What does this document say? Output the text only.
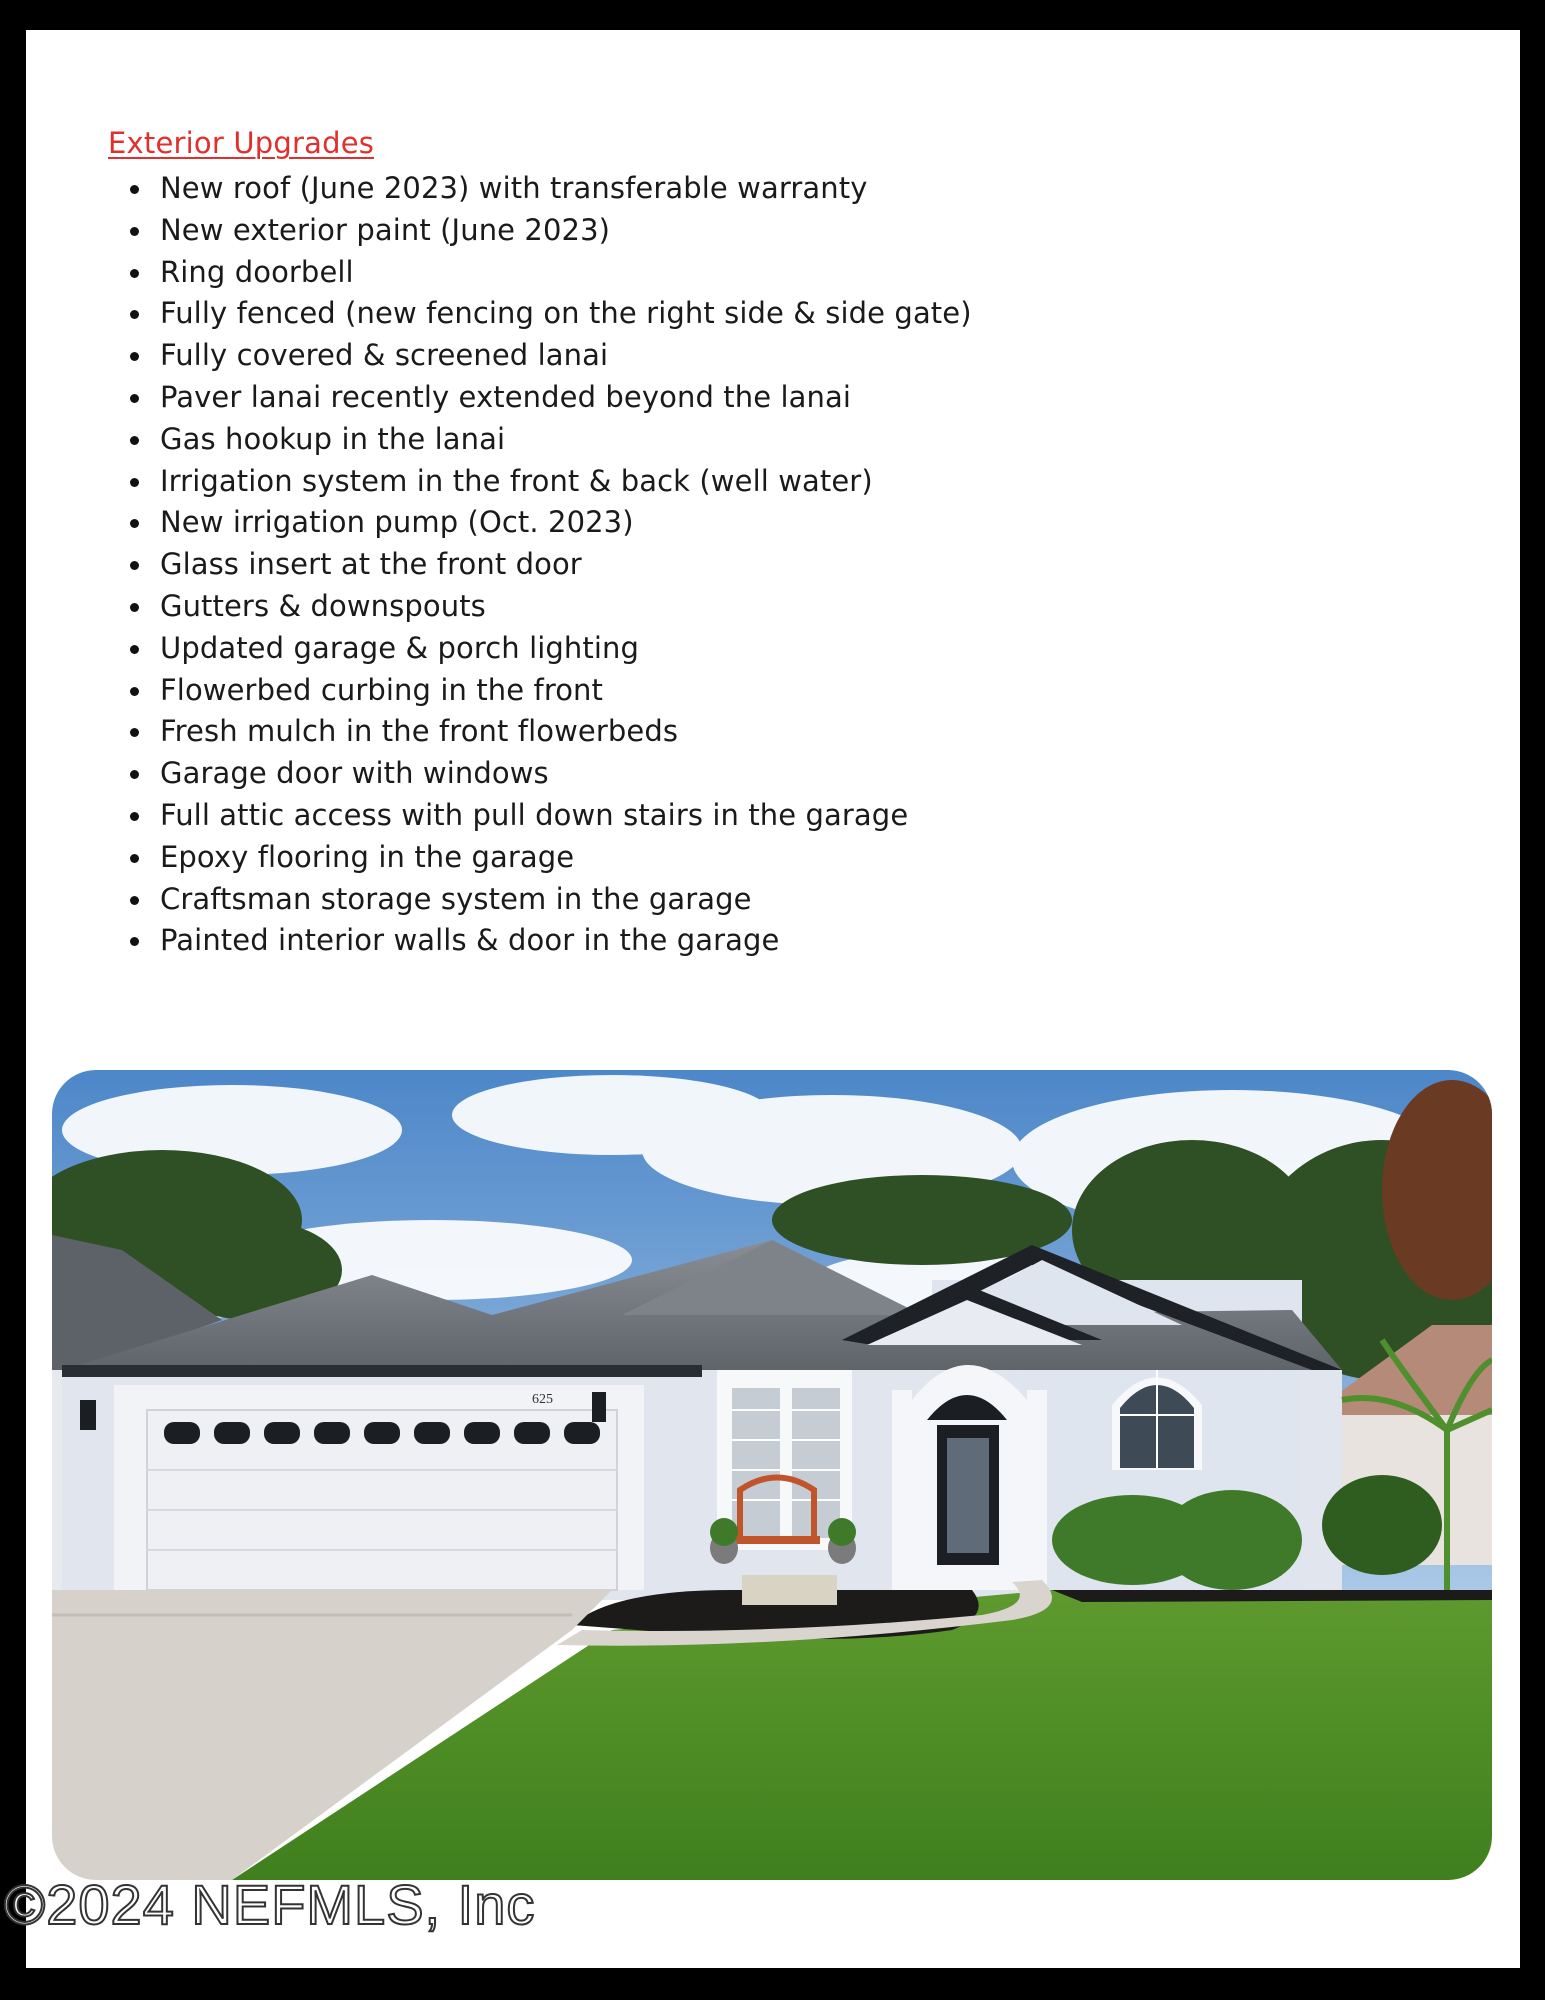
Exterior Upgrades
New roof (June 2023) with transferable warranty
New exterior paint (June 2023)
Ring doorbell
Fully fenced (new fencing on the right side & side gate)
Fully covered & screened lanai
Paver lanai recently extended beyond the lanai
Gas hookup in the lanai
Irrigation system in the front & back (well water)
New irrigation pump (Oct. 2023)
Glass insert at the front door
Gutters & downspouts
Updated garage & porch lighting
Flowerbed curbing in the front
Fresh mulch in the front flowerbeds
Garage door with windows
Full attic access with pull down stairs in the garage
Epoxy flooring in the garage
Craftsman storage system in the garage
Painted interior walls & door in the garage
625

©2024 NEFMLS, Inc
